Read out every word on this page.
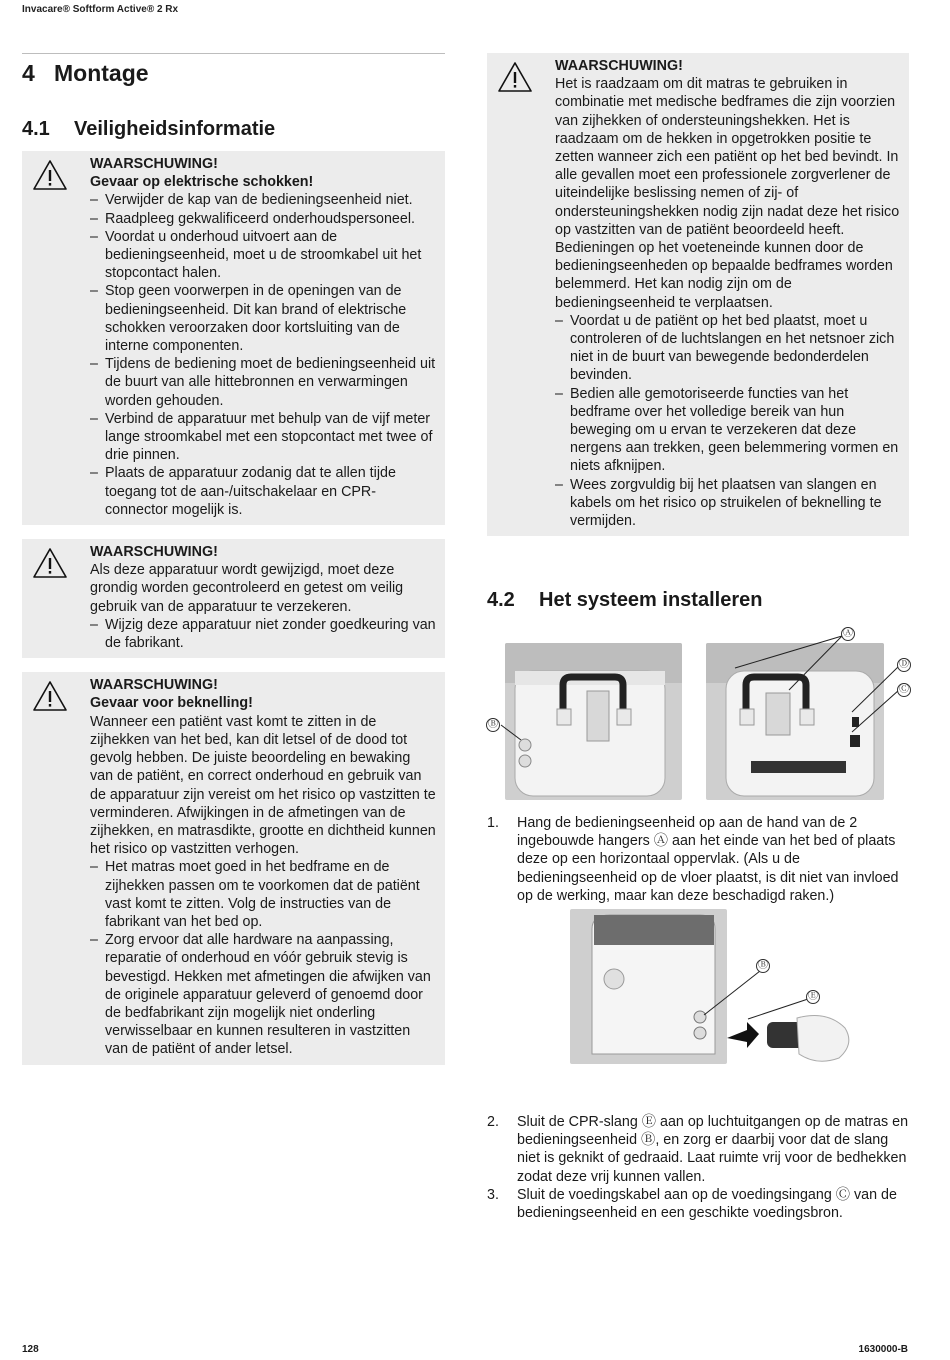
Invacare® Softform Active® 2 Rx
4 Montage
4.1 Veiligheidsinformatie

WAARSCHUWING!

Gevaar op elektrische schokken!

– Verwijder de kap van de bedieningseenheid niet.
– Raadpleeg gekwalificeerd onderhoudspersoneel.
– Voordat u onderhoud uitvoert aan de bedieningseenheid, moet u de stroomkabel uit het stopcontact halen.
– Stop geen voorwerpen in de openingen van de bedieningseenheid. Dit kan brand of elektrische schokken veroorzaken door kortsluiting van de interne componenten.
– Tijdens de bediening moet de bedieningseenheid uit de buurt van alle hittebronnen en verwarmingen worden gehouden.
– Verbind de apparatuur met behulp van de vijf meter lange stroomkabel met een stopcontact met twee of drie pinnen.
– Plaats de apparatuur zodanig dat te allen tijde toegang tot de aan-/uitschakelaar en CPR-connector mogelijk is.

WAARSCHUWING!

Als deze apparatuur wordt gewijzigd, moet deze grondig worden gecontroleerd en getest om veilig gebruik van de apparatuur te verzekeren.

– Wijzig deze apparatuur niet zonder goedkeuring van de fabrikant.

WAARSCHUWING!

Gevaar voor beknelling!

Wanneer een patiënt vast komt te zitten in de zijhekken van het bed, kan dit letsel of de dood tot gevolg hebben. De juiste beoordeling en bewaking van de patiënt, en correct onderhoud en gebruik van de apparatuur zijn vereist om het risico op vastzitten te verminderen. Afwijkingen in de afmetingen van de zijhekken, en matrasdikte, grootte en dichtheid kunnen het risico op vastzitten verhogen.

– Het matras moet goed in het bedframe en de zijhekken passen om te voorkomen dat de patiënt vast komt te zitten. Volg de instructies van de fabrikant van het bed op.
– Zorg ervoor dat alle hardware na aanpassing, reparatie of onderhoud en vóór gebruik stevig is bevestigd. Hekken met afmetingen die afwijken van de originele apparatuur geleverd of genoemd door de bedfabrikant zijn mogelijk niet onderling verwisselbaar en kunnen resulteren in vastzitten van de patiënt of ander letsel.

WAARSCHUWING!

Het is raadzaam om dit matras te gebruiken in combinatie met medische bedframes die zijn voorzien van zijhekken of ondersteuningshekken. Het is raadzaam om de hekken in opgetrokken positie te zetten wanneer zich een patiënt op het bed bevindt. In alle gevallen moet een professionele zorgverlener de uiteindelijke beslissing nemen of zij- of ondersteuningshekken nodig zijn nadat deze het risico op vastzitten van de patiënt beoordeeld heeft.

Bedieningen op het voeteneinde kunnen door de bedieningseenheden op bepaalde bedframes worden belemmerd. Het kan nodig zijn om de bedieningseenheid te verplaatsen.

– Voordat u de patiënt op het bed plaatst, moet u controleren of de luchtslangen en het netsnoer zich niet in de buurt van bewegende bedonderdelen bevinden.
– Bedien alle gemotoriseerde functies van het bedframe over het volledige bereik van hun beweging om u ervan te verzekeren dat deze nergens aan trekken, geen belemmering vormen en niets afknijpen.
– Wees zorgvuldig bij het plaatsen van slangen en kabels om het risico op struikelen of beknelling te vermijden.
4.2 Het systeem installeren
Ⓐ
Ⓓ
Ⓒ
Ⓑ
1. Hang de bedieningseenheid op aan de hand van de 2 ingebouwde hangers Ⓐ aan het einde van het bed of plaats deze op een horizontaal oppervlak. (Als u de bedieningseenheid op de vloer plaatst, is dit niet van invloed op de werking, maar kan deze beschadigd raken.)
Ⓑ
Ⓔ
2. Sluit de CPR-slang Ⓔ aan op luchtuitgangen op de matras en bedieningseenheid Ⓑ, en zorg er daarbij voor dat de slang niet is geknikt of gedraaid. Laat ruimte vrij voor de bedhekken zodat deze vrij kunnen vallen.
3. Sluit de voedingskabel aan op de voedingsingang Ⓒ van de bedieningseenheid en een geschikte voedingsbron.
128	1630000-B
